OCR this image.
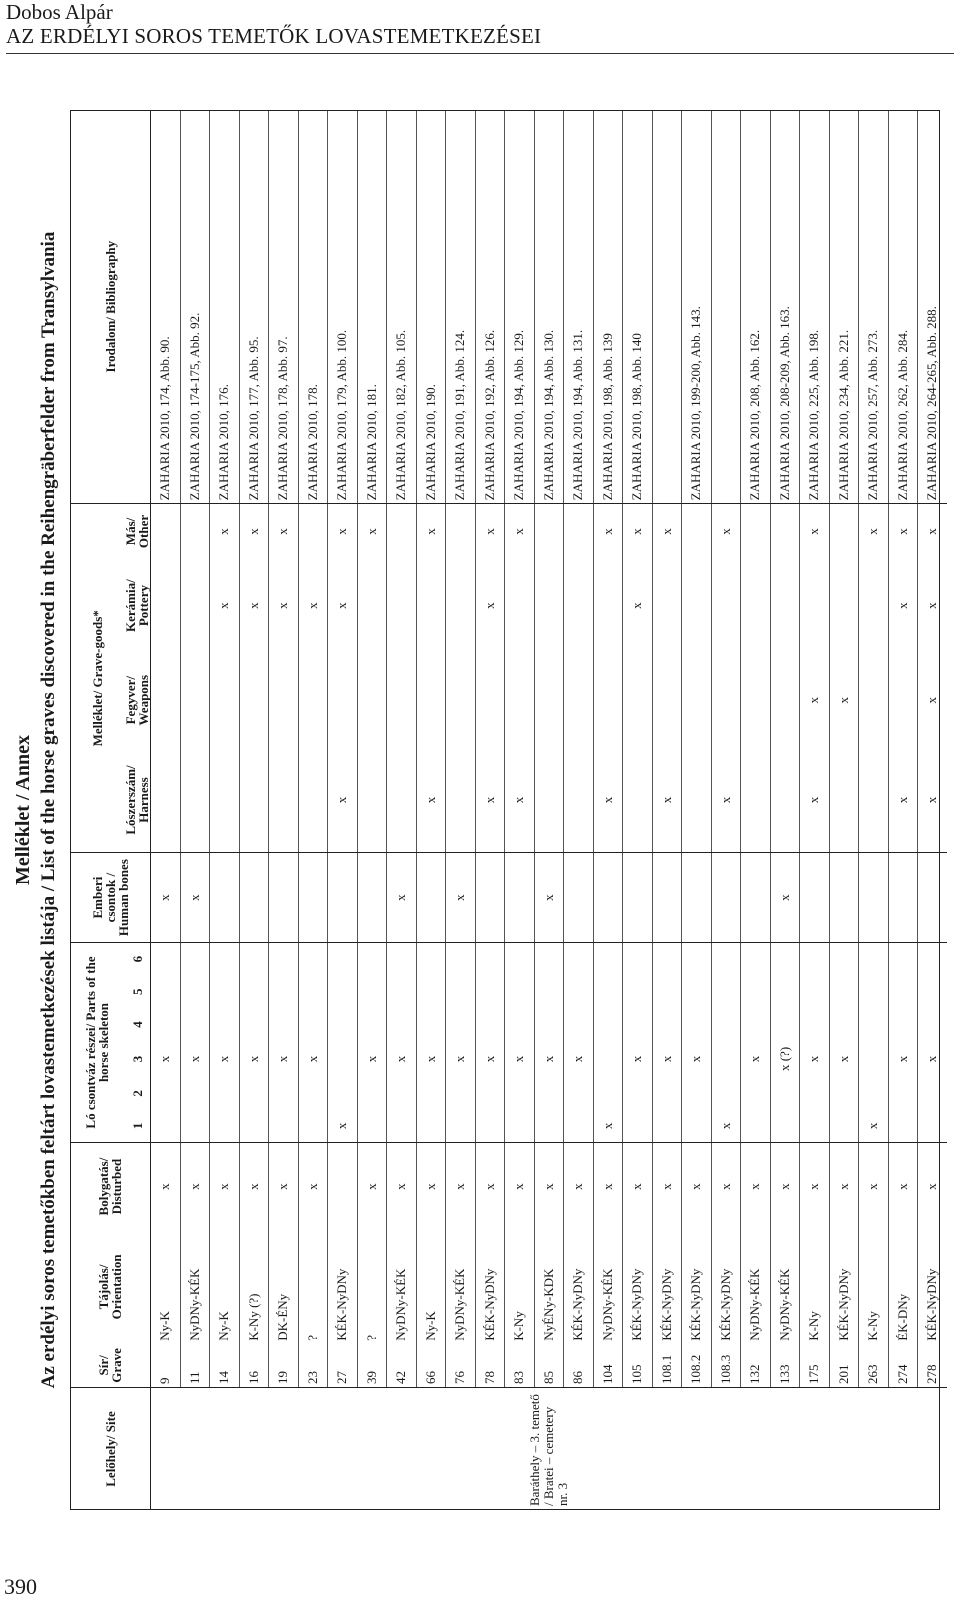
Dobos Alpár
AZ ERDÉLYI SOROS TEMETŐK LOVASTEMETKEZÉSEI
Melléklet / Annex Az erdélyi soros temetőkben feltárt lovastemetkezések listája / List of the horse graves discovered in the Reihengräberfelder from Transylvania
Lelőhely/ Site	Sír/ Grave	Tájolás/ Orientation	Bolygatás/ Disturbed	Ló csontváz részei/ Parts of the horse skeleton						Emberi csontok / Human bones	Melléklet/ Grave-goods*				Irodalom/ Bibliography
				1	2	3	4	5	6		Lószerszám/ Harness	Fegyver/ Weapons	Kerámia/ Pottery	Más/ Other	
Baráthely – 3. temető / Bratei – cemetery nr. 3	9	Ny-K	x			x				x					ZAHARIA 2010, 174, Abb. 90.
	11	NyDNy-KÉK	x			x				x					ZAHARIA 2010, 174-175, Abb. 92.
	14	Ny-K	x			x							x	x	ZAHARIA 2010, 176.
	16	K-Ny (?)	x			x							x	x	ZAHARIA 2010, 177, Abb. 95.
	19	DK-ÉNy	x			x							x	x	ZAHARIA 2010, 178, Abb. 97.
	23	?	x			x							x		ZAHARIA 2010, 178.
	27	KÉK-NyDNy		x							x		x	x	ZAHARIA 2010, 179, Abb. 100.
	39	?	x			x								x	ZAHARIA 2010, 181.
	42	NyDNy-KÉK	x			x				x					ZAHARIA 2010, 182, Abb. 105.
	66	Ny-K	x			x					x			x	ZAHARIA 2010, 190.
	76	NyDNy-KÉK	x			x				x					ZAHARIA 2010, 191, Abb. 124.
	78	KÉK-NyDNy	x			x					x		x	x	ZAHARIA 2010, 192, Abb. 126.
	83	K-Ny	x			x					x			x	ZAHARIA 2010, 194, Abb. 129.
	85	NyÉNy-KDK	x			x				x					ZAHARIA 2010, 194, Abb. 130.
	86	KÉK-NyDNy	x			x									ZAHARIA 2010, 194, Abb. 131.
	104	NyDNy-KÉK	x	x							x			x	ZAHARIA 2010, 198, Abb. 139
	105	KÉK-NyDNy	x			x							x	x	ZAHARIA 2010, 198, Abb. 140
	108.1	KÉK-NyDNy	x			x					x			x	
	108.2	KÉK-NyDNy	x			x									ZAHARIA 2010, 199-200, Abb. 143.
	108.3	KÉK-NyDNy	x	x							x			x	
	132	NyDNy-KÉK	x			x									ZAHARIA 2010, 208, Abb. 162.
	133	NyDNy-KÉK	x			x (?)				x					ZAHARIA 2010, 208-209, Abb. 163.
	175	K-Ny	x			x					x	x		x	ZAHARIA 2010, 225, Abb. 198.
	201	KÉK-NyDNy	x			x						x			ZAHARIA 2010, 234, Abb. 221.
	263	K-Ny	x	x										x	ZAHARIA 2010, 257, Abb. 273.
	274	ÉK-DNy	x			x					x		x	x	ZAHARIA 2010, 262, Abb. 284.
	278	KÉK-NyDNy	x			x					x	x	x	x	ZAHARIA 2010, 264-265, Abb. 288.
390
